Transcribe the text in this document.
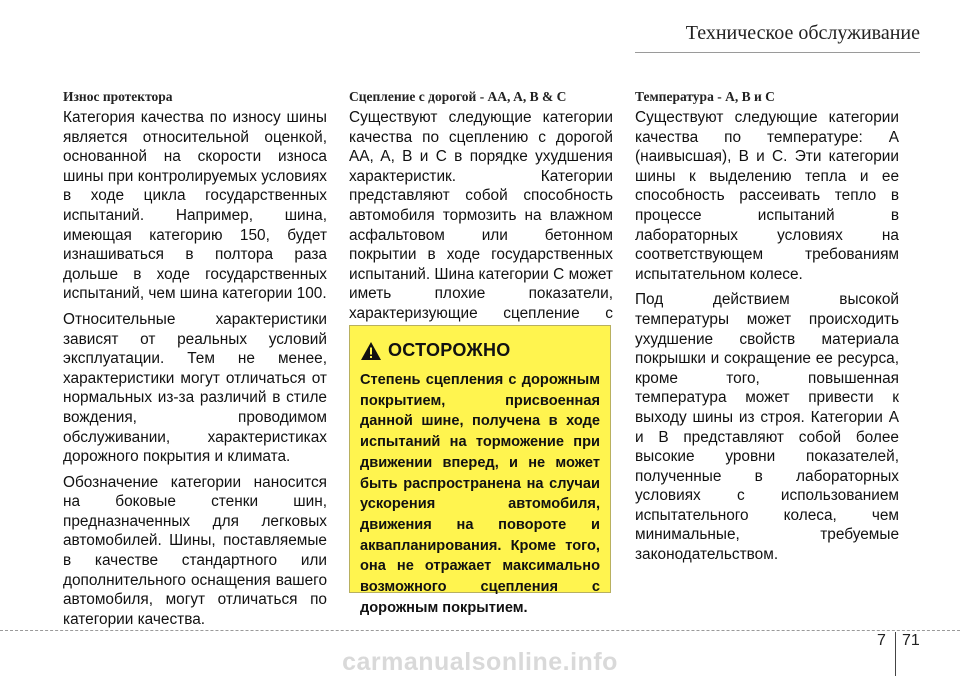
Техническое обслуживание
Износ протектора

Категория качества по износу шины является относительной оценкой, основанной на скорости износа шины при контролируемых условиях в ходе цикла государственных испытаний. Например, шина, имеющая категорию 150, будет изнашиваться в полтора раза дольше в ходе государственных испытаний, чем шина категории 100.

Относительные характеристики зависят от реальных условий эксплуатации. Тем не менее, характеристики могут отличаться от нормальных из-за различий в стиле вождения, проводимом обслуживании, характеристиках дорожного покрытия и климата.

Обозначение категории наносится на боковые стенки шин, предназначенных для легковых автомобилей. Шины, поставляемые в качестве стандартного или дополнительного оснащения вашего автомобиля, могут отличаться по категории качества.

Сцепление с дорогой - AA, A, B & C

Существуют следующие категории качества по сцеплению с дорогой AA, A, B и C в порядке ухудшения характеристик. Категории представляют собой способность автомобиля тормозить на влажном асфальтовом или бетонном покрытии в ходе государственных испытаний. Шина категории C может иметь плохие показатели, характеризующие сцепление с

ОСТОРОЖНО

Степень сцепления с дорожным покрытием, присвоенная данной шине, получена в ходе испытаний на торможение при движении вперед, и не может быть распространена на случаи ускорения автомобиля, движения на повороте и аквапланирования. Кроме того, она не отражает максимально возможного сцепления с дорожным покрытием.

Температура - A, B и C

Существуют следующие категории качества по температуре: A (наивысшая), B и C. Эти категории шины к выделению тепла и ее способность рассеивать тепло в процессе испытаний в лабораторных условиях на соответствующем требованиям испытательном колесе.

Под действием высокой температуры может происходить ухудшение свойств материала покрышки и сокращение ее ресурса, кроме того, повышенная температура может привести к выходу шины из строя. Категории A и B представляют собой более высокие уровни показателей, полученные в лабораторных условиях с использованием испытательного колеса, чем минимальные, требуемые законодательством.

7 71
carmanualsonline.info
